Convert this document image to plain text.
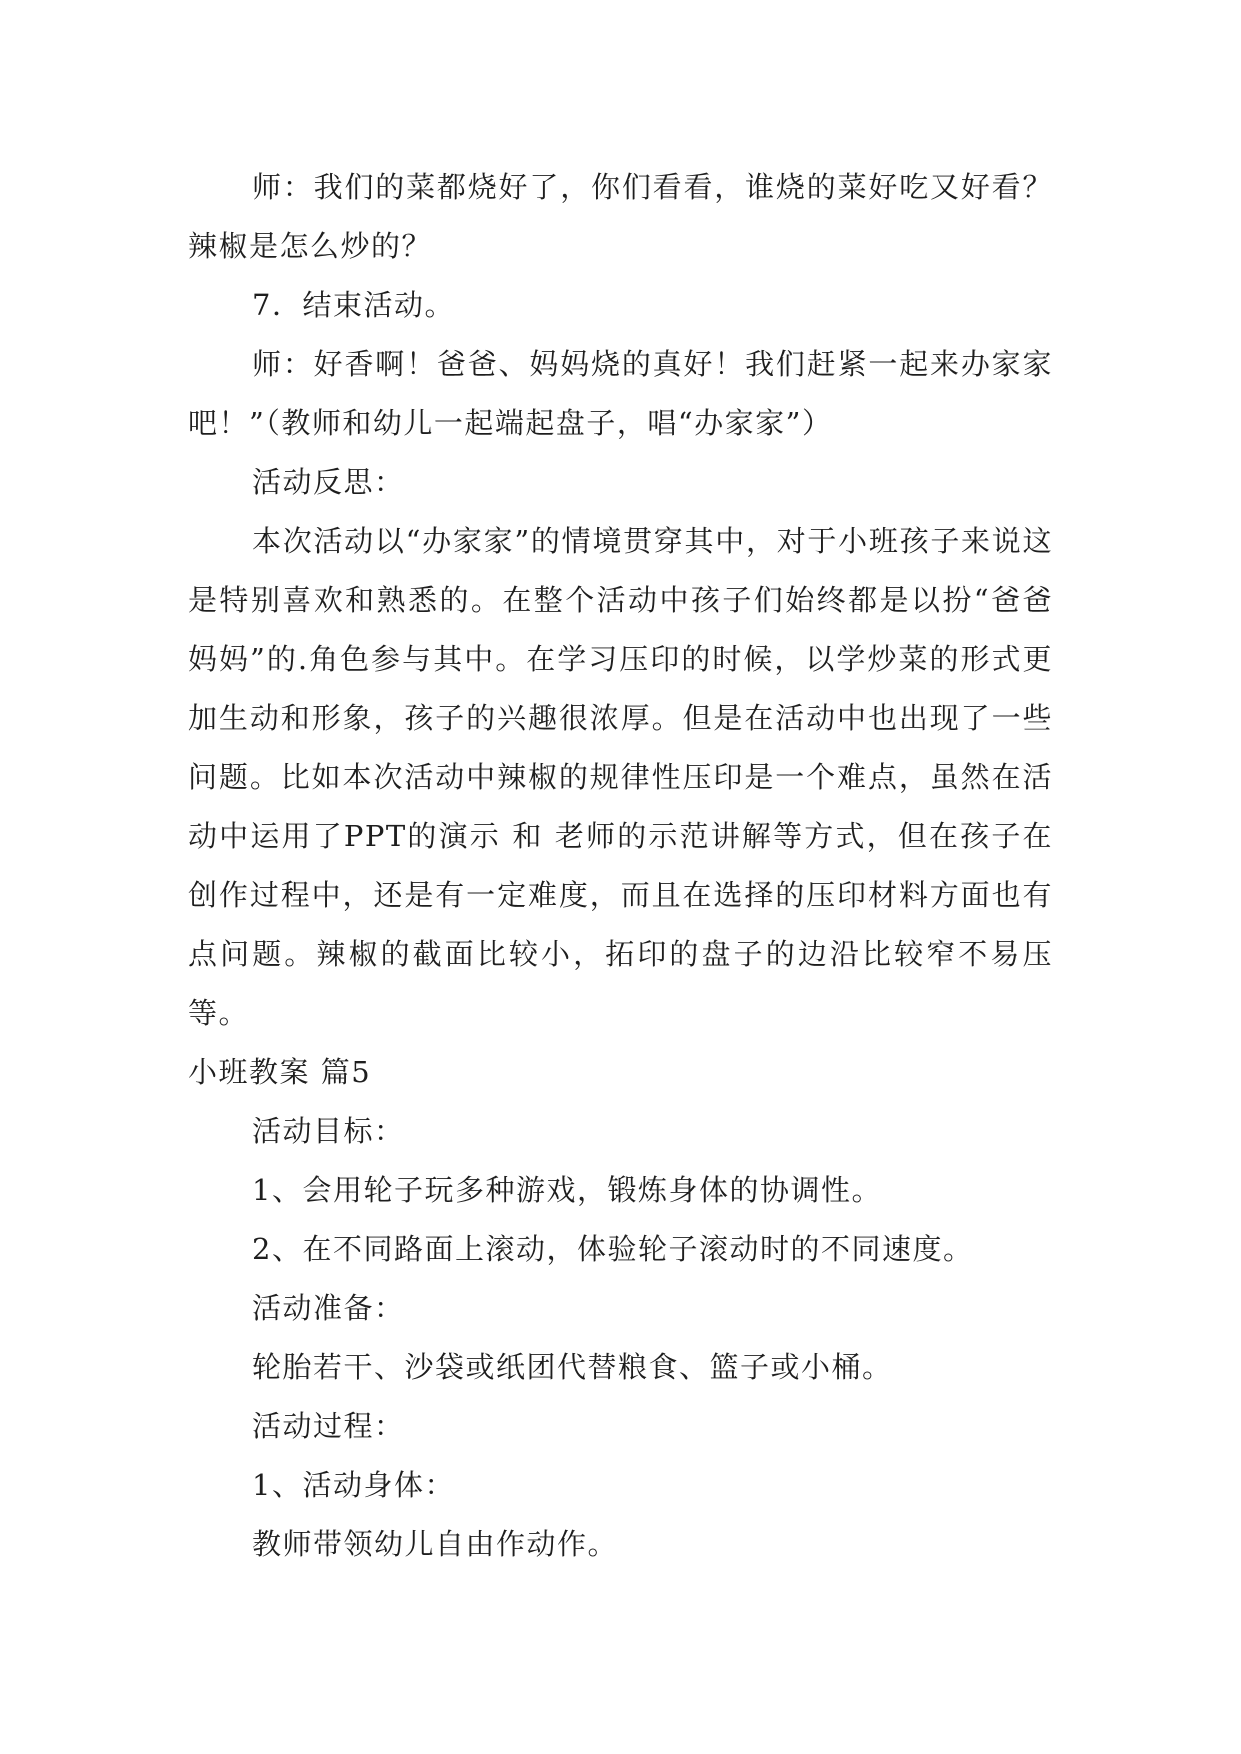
师：我们的菜都烧好了，你们看看，谁烧的菜好吃又好看？辣椒是怎么炒的？

7．结束活动。

师：好香啊！爸爸、妈妈烧的真好！我们赶紧一起来办家家吧！”（教师和幼儿一起端起盘子，唱“办家家”）

活动反思：

本次活动以“办家家”的情境贯穿其中，对于小班孩子来说这是特别喜欢和熟悉的。在整个活动中孩子们始终都是以扮“爸爸妈妈”的.角色参与其中。在学习压印的时候，以学炒菜的形式更加生动和形象，孩子的兴趣很浓厚。但是在活动中也出现了一些问题。比如本次活动中辣椒的规律性压印是一个难点，虽然在活动中运用了PPT的演示 和 老师的示范讲解等方式，但在孩子在创作过程中，还是有一定难度，而且在选择的压印材料方面也有点问题。辣椒的截面比较小，拓印的盘子的边沿比较窄不易压等。

小班教案 篇5

活动目标：

1、会用轮子玩多种游戏，锻炼身体的协调性。

2、在不同路面上滚动，体验轮子滚动时的不同速度。

活动准备：

轮胎若干、沙袋或纸团代替粮食、篮子或小桶。

活动过程：

1、活动身体：

教师带领幼儿自由作动作。
